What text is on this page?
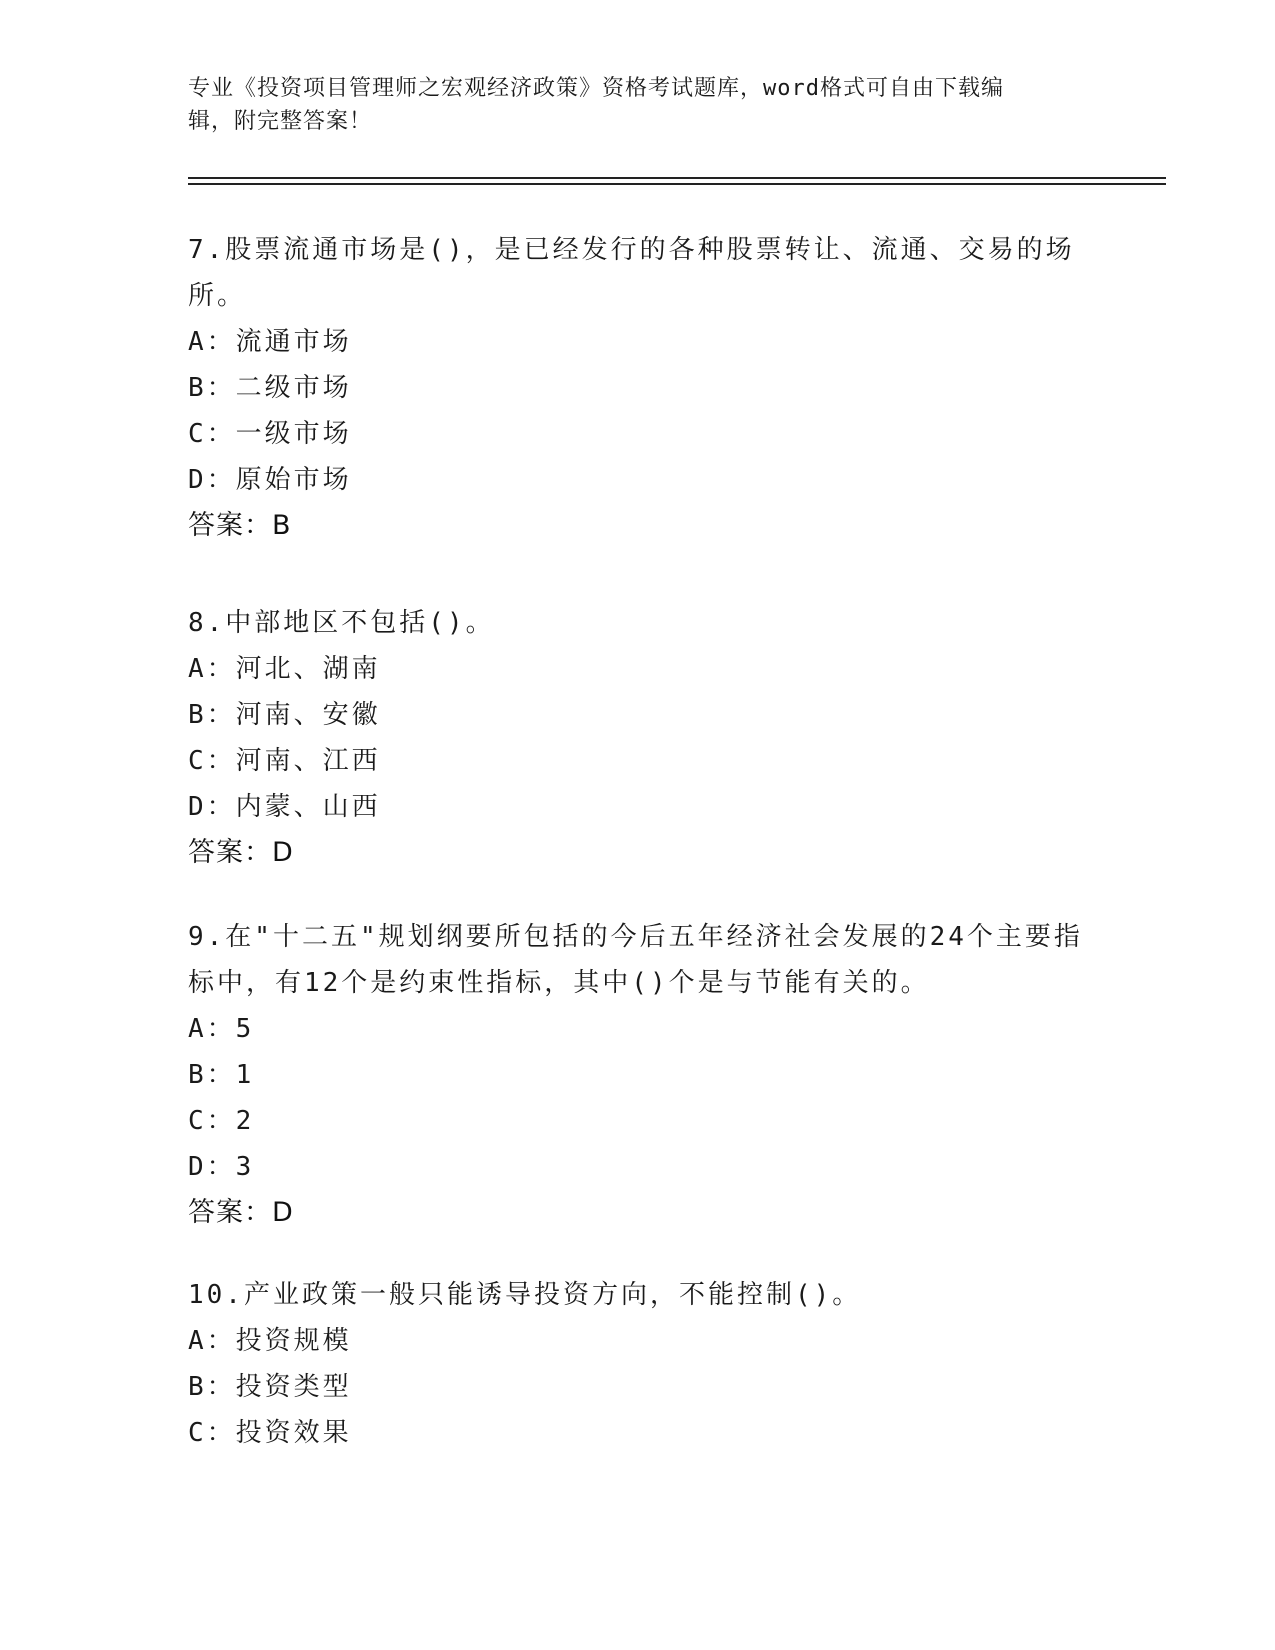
专业《投资项目管理师之宏观经济政策》资格考试题库，word格式可自由下载编
辑，附完整答案！
7.股票流通市场是()，是已经发行的各种股票转让、流通、交易的场
所。
A：流通市场
B：二级市场
C：一级市场
D：原始市场
答案：B
8.中部地区不包括()。
A：河北、湖南
B：河南、安徽
C：河南、江西
D：内蒙、山西
答案：D
9.在"十二五"规划纲要所包括的今后五年经济社会发展的24个主要指
标中，有12个是约束性指标，其中()个是与节能有关的。
A：5
B：1
C：2
D：3
答案：D
10.产业政策一般只能诱导投资方向，不能控制()。
A：投资规模
B：投资类型
C：投资效果
